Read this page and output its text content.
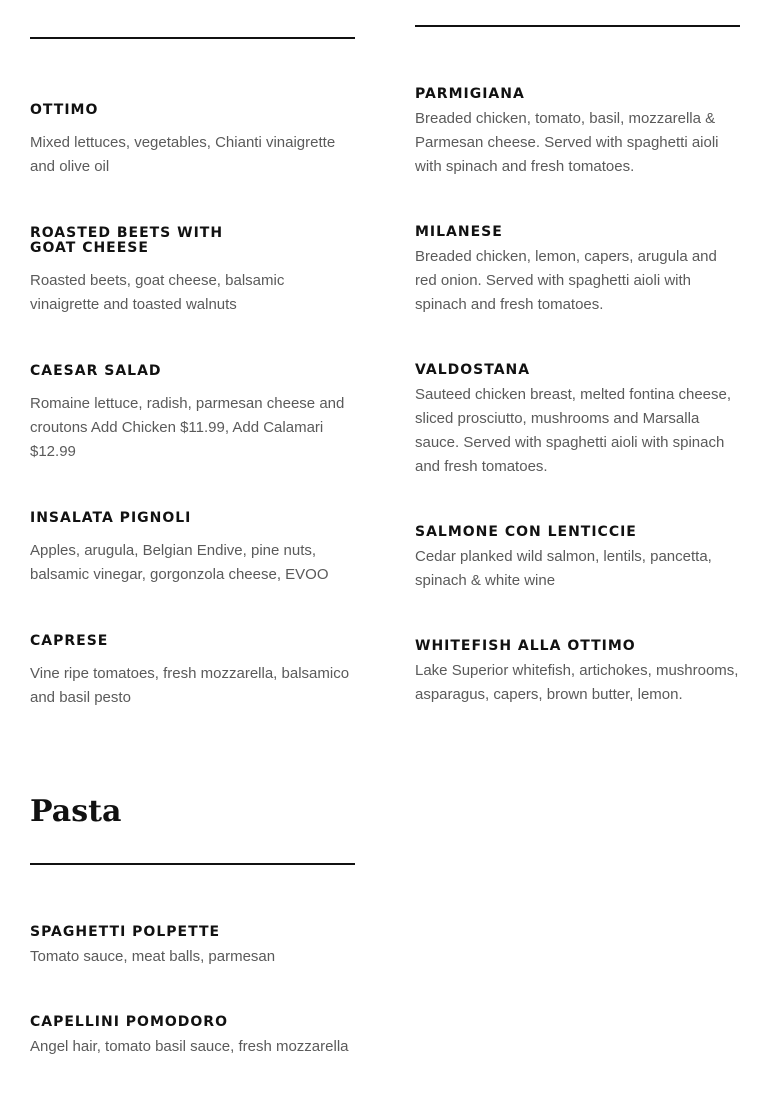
OTTIMO

Mixed lettuces, vegetables, Chianti vinaigrette and olive oil

ROASTED BEETS WITH GOAT CHEESE

Roasted beets, goat cheese, balsamic vinaigrette and toasted walnuts

CAESAR SALAD

Romaine lettuce, radish, parmesan cheese and croutons Add Chicken $11.99, Add Calamari $12.99

INSALATA PIGNOLI

Apples, arugula, Belgian Endive, pine nuts, balsamic vinegar, gorgonzola cheese, EVOO

CAPRESE

Vine ripe tomatoes, fresh mozzarella, balsamico and basil pesto

Pasta

SPAGHETTI POLPETTE

Tomato sauce, meat balls, parmesan

CAPELLINI POMODORO

Angel hair, tomato basil sauce, fresh mozzarella

PARMIGIANA

Breaded chicken, tomato, basil, mozzarella & Parmesan cheese. Served with spaghetti aioli with spinach and fresh tomatoes.

MILANESE

Breaded chicken, lemon, capers, arugula and red onion. Served with spaghetti aioli with spinach and fresh tomatoes.

VALDOSTANA

Sauteed chicken breast, melted fontina cheese, sliced prosciutto, mushrooms and Marsalla sauce. Served with spaghetti aioli with spinach and fresh tomatoes.

SALMONE CON LENTICCIE

Cedar planked wild salmon, lentils, pancetta, spinach & white wine

WHITEFISH ALLA OTTIMO

Lake Superior whitefish, artichokes, mushrooms, asparagus, capers, brown butter, lemon.
